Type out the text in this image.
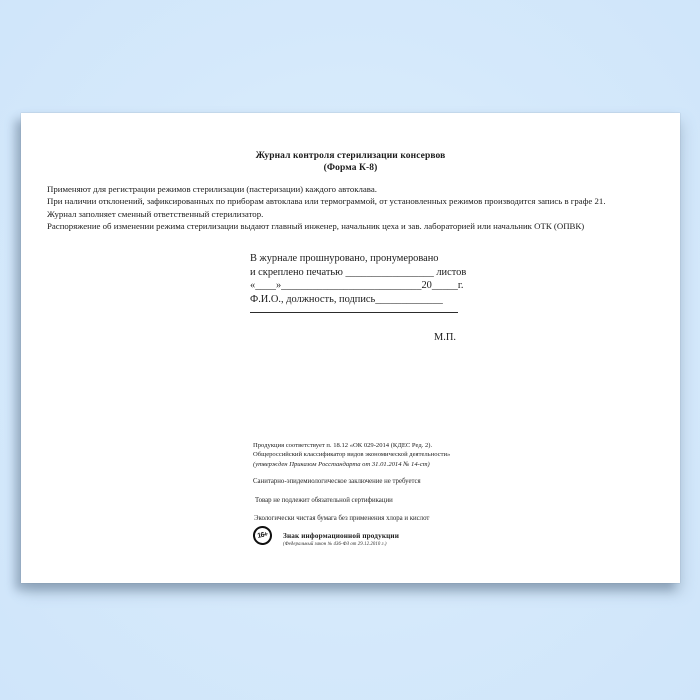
Журнал контроля стерилизации консервов
(Форма К-8)
Применяют для регистрации режимов стерилизации (пастеризации) каждого автоклава.
При наличии отклонений, зафиксированных по приборам автоклава или термограммой, от установленных режимов производится запись в графе 21.
Журнал заполняет сменный ответственный стерилизатор.
Распоряжение об изменении режима стерилизации выдают главный инженер, начальник цеха и зав. лабораторией или начальник ОТК (ОПВК)
В журнале прошнуровано, пронумеровано
и скреплено печатью _________________ листов
«____»___________________________20_____г.
Ф.И.О., должность, подпись_____________
М.П.
Продукция соответствует п. 18.12 «ОК 029-2014 (КДЕС Ред. 2).
Общероссийский классификатор видов экономической деятельности»
(утвержден Приказом Росстандарта от 31.01.2014 № 14-ст)
Санитарно-эпидемиологическое заключение не требуется
Товар не подлежит обязательной сертификации
Экологически чистая бумага без применения хлора и кислот
16+ Знак информационной продукции
(Федеральный закон № 436-ФЗ от 29.12.2010 г.)
